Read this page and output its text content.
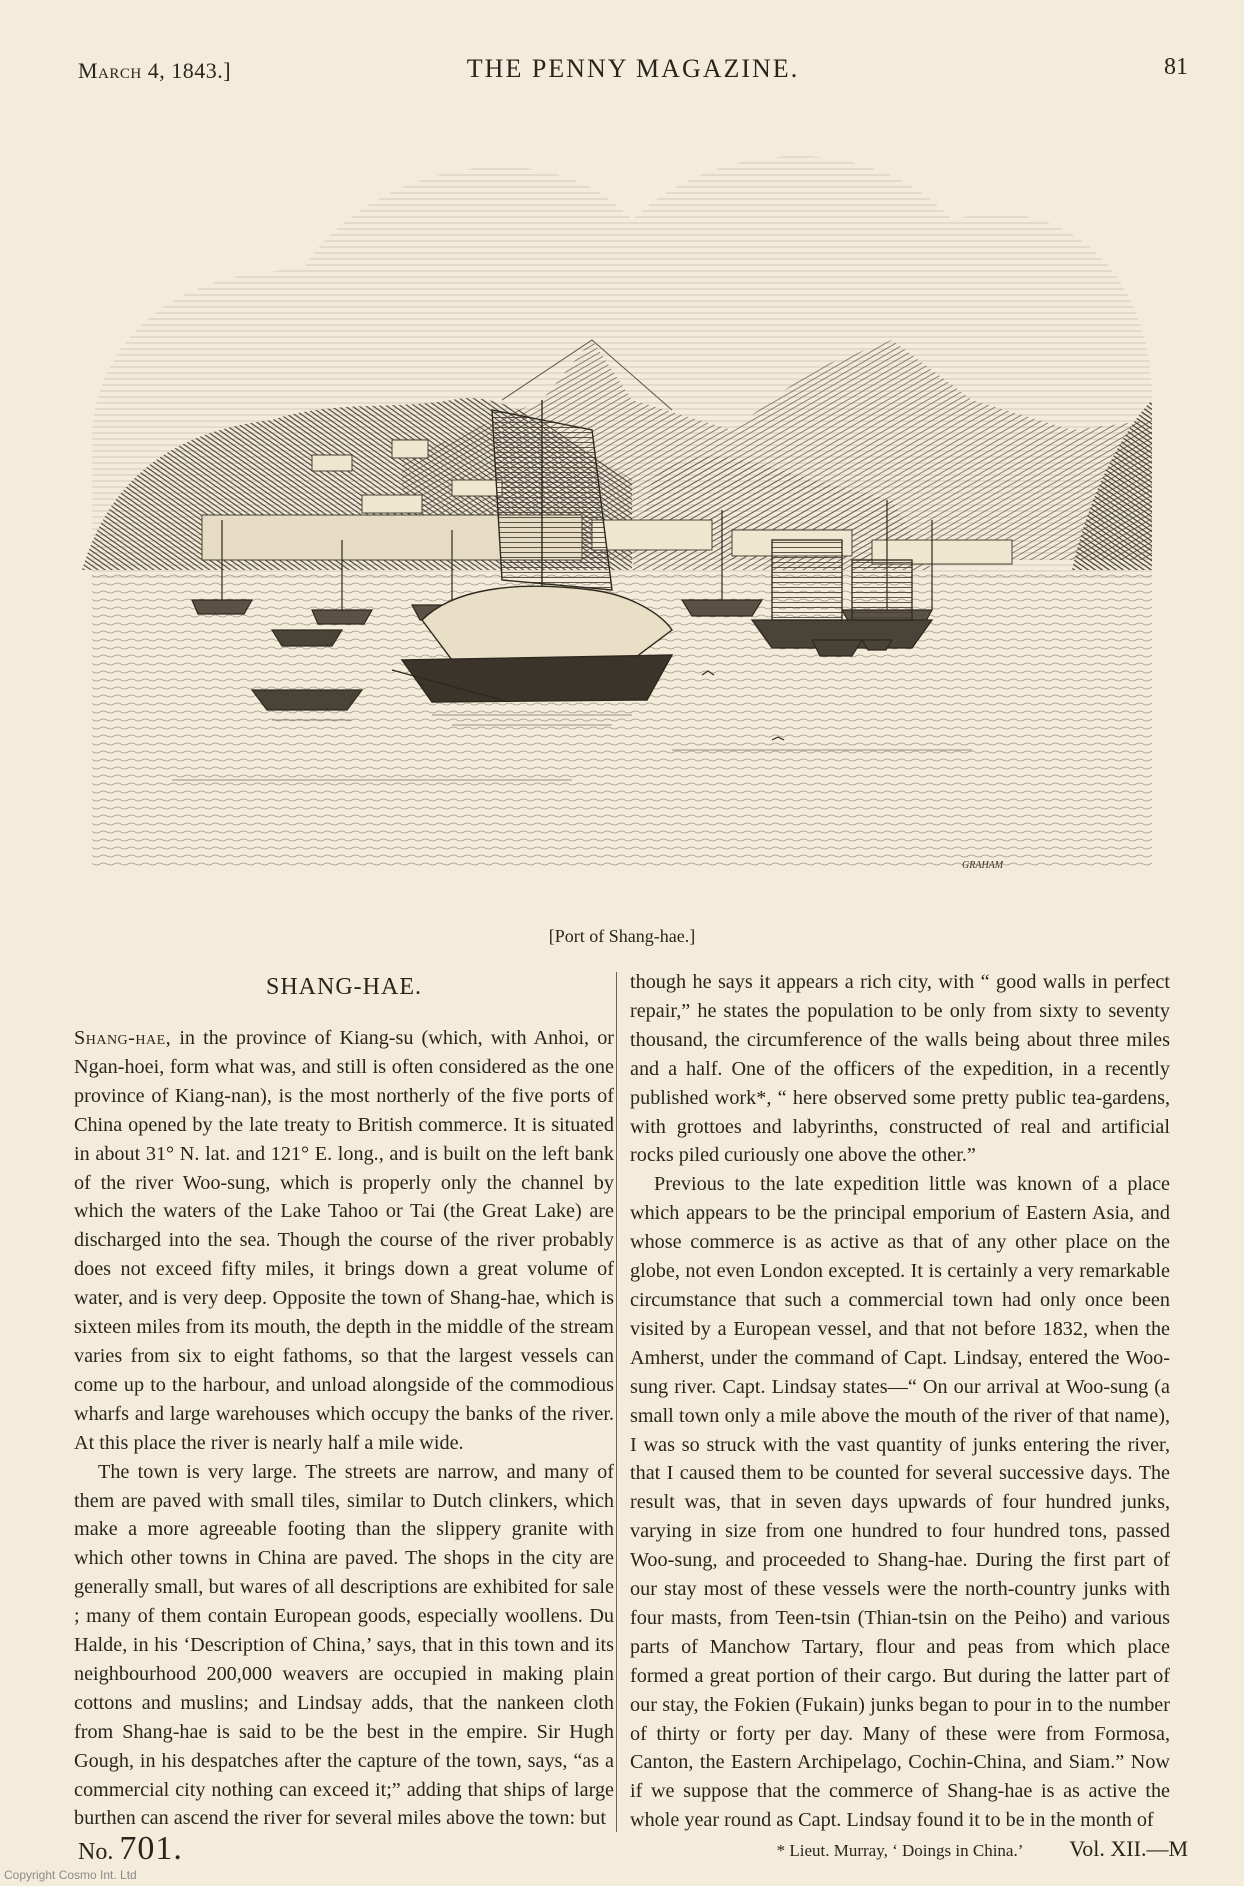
March 4, 1843.]	THE PENNY MAGAZINE.	81
GRAHAM
[Port of Shang-hae.]
SHANG-HAE.

Shang-hae, in the province of Kiang-su (which, with Anhoi, or Ngan-hoei, form what was, and still is often considered as the one province of Kiang-nan), is the most northerly of the five ports of China opened by the late treaty to British commerce. It is situated in about 31° N. lat. and 121° E. long., and is built on the left bank of the river Woo-sung, which is properly only the channel by which the waters of the Lake Tahoo or Tai (the Great Lake) are discharged into the sea. Though the course of the river probably does not exceed fifty miles, it brings down a great volume of water, and is very deep. Opposite the town of Shang-hae, which is sixteen miles from its mouth, the depth in the middle of the stream varies from six to eight fathoms, so that the largest vessels can come up to the harbour, and unload alongside of the commodious wharfs and large warehouses which occupy the banks of the river. At this place the river is nearly half a mile wide.

The town is very large. The streets are narrow, and many of them are paved with small tiles, similar to Dutch clinkers, which make a more agreeable footing than the slippery granite with which other towns in China are paved. The shops in the city are generally small, but wares of all descriptions are exhibited for sale ; many of them contain European goods, especially woollens. Du Halde, in his ‘Description of China,’ says, that in this town and its neighbourhood 200,000 weavers are occupied in making plain cottons and muslins; and Lindsay adds, that the nankeen cloth from Shang-hae is said to be the best in the empire. Sir Hugh Gough, in his despatches after the capture of the town, says, “as a commercial city nothing can exceed it;” adding that ships of large burthen can ascend the river for several miles above the town: but

though he says it appears a rich city, with “ good walls in perfect repair,” he states the population to be only from sixty to seventy thousand, the circumference of the walls being about three miles and a half. One of the officers of the expedition, in a recently published work*, “ here observed some pretty public tea-gardens, with grottoes and labyrinths, constructed of real and artificial rocks piled curiously one above the other.”

Previous to the late expedition little was known of a place which appears to be the principal emporium of Eastern Asia, and whose commerce is as active as that of any other place on the globe, not even London excepted. It is certainly a very remarkable circumstance that such a commercial town had only once been visited by a European vessel, and that not before 1832, when the Amherst, under the command of Capt. Lindsay, entered the Woo-sung river. Capt. Lindsay states—“ On our arrival at Woo-sung (a small town only a mile above the mouth of the river of that name), I was so struck with the vast quantity of junks entering the river, that I caused them to be counted for several successive days. The result was, that in seven days upwards of four hundred junks, varying in size from one hundred to four hundred tons, passed Woo-sung, and proceeded to Shang-hae. During the first part of our stay most of these vessels were the north-country junks with four masts, from Teen-tsin (Thian-tsin on the Peiho) and various parts of Manchow Tartary, flour and peas from which place formed a great portion of their cargo. But during the latter part of our stay, the Fokien (Fukain) junks began to pour in to the number of thirty or forty per day. Many of these were from Formosa, Canton, the Eastern Archipelago, Cochin-China, and Siam.” Now if we suppose that the commerce of Shang-hae is as active the whole year round as Capt. Lindsay found it to be in the month of

* Lieut. Murray, ‘ Doings in China.’
No. 701.	Vol. XII.—M
Copyright Cosmo Int. Ltd
